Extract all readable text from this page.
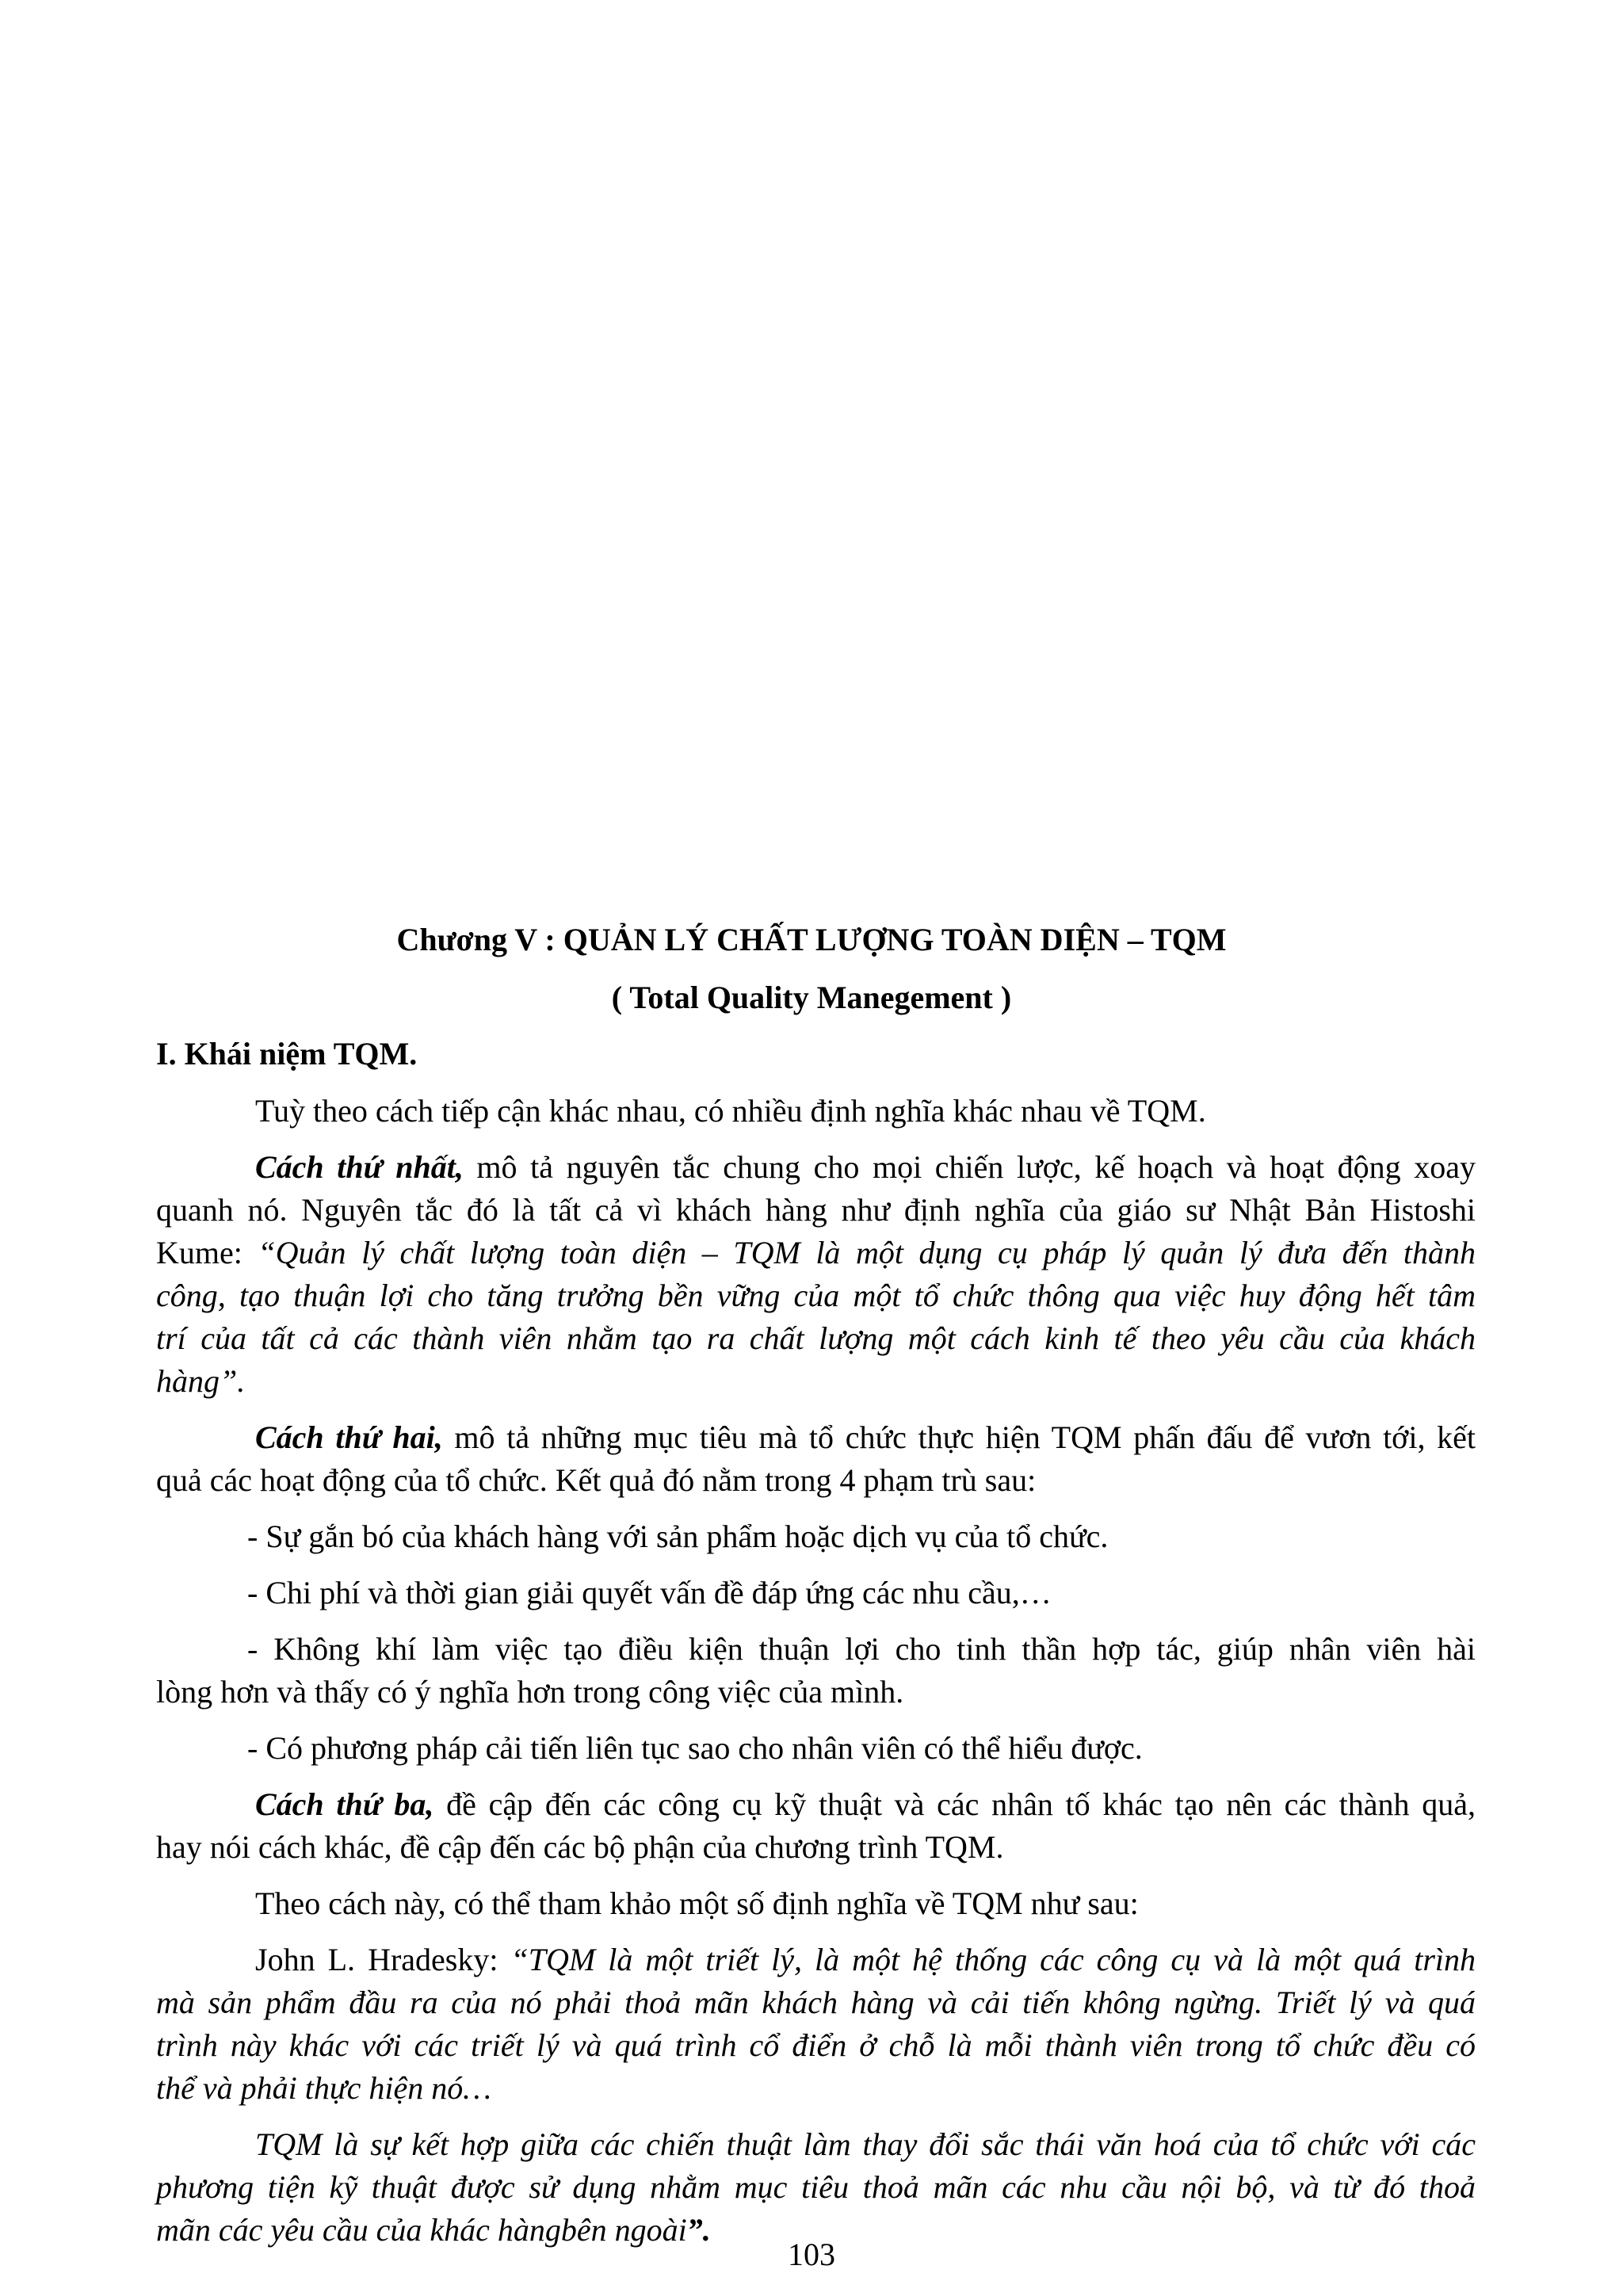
Chương V : QUẢN LÝ CHẤT LƯỢNG TOÀN DIỆN – TQM
( Total Quality Manegement )
I. Khái niệm TQM.
Tuỳ theo cách tiếp cận khác nhau, có nhiều định nghĩa khác nhau về TQM.
Cách thứ nhất, mô tả nguyên tắc chung cho mọi chiến lược, kế hoạch và hoạt động xoay
quanh nó. Nguyên tắc đó là tất cả vì khách hàng như định nghĩa của giáo sư Nhật Bản Histoshi
Kume: “Quản lý chất lượng toàn diện – TQM là một dụng cụ pháp lý quản lý đưa đến thành
công, tạo thuận lợi cho tăng trưởng bền vững của một tổ chức thông qua việc huy động hết tâm
trí của tất cả các thành viên nhằm tạo ra chất lượng một cách kinh tế theo yêu cầu của khách
hàng”.
Cách thứ hai, mô tả những mục tiêu mà tổ chức thực hiện TQM phấn đấu để vươn tới, kết
quả các hoạt động của tổ chức. Kết quả đó nằm trong 4 phạm trù sau:
- Sự gắn bó của khách hàng với sản phẩm hoặc dịch vụ của tổ chức.
- Chi phí và thời gian giải quyết vấn đề đáp ứng các nhu cầu,…
- Không khí làm việc tạo điều kiện thuận lợi cho tinh thần hợp tác, giúp nhân viên hài
lòng hơn và thấy có ý nghĩa hơn trong công việc của mình.
- Có phương pháp cải tiến liên tục sao cho nhân viên có thể hiểu được.
Cách thứ ba, đề cập đến các công cụ kỹ thuật và các nhân tố khác tạo nên các thành quả,
hay nói cách khác, đề cập đến các bộ phận của chương trình TQM.
Theo cách này, có thể tham khảo một số định nghĩa về TQM như sau:
John L. Hradesky: “TQM là một triết lý, là một hệ thống các công cụ và là một quá trình
mà sản phẩm đầu ra của nó phải thoả mãn khách hàng và cải tiến không ngừng. Triết lý và quá
trình này khác với các triết lý và quá trình cổ điển ở chỗ là mỗi thành viên trong tổ chức đều có
thể và phải thực hiện nó…
TQM là sự kết hợp giữa các chiến thuật làm thay đổi sắc thái văn hoá của tổ chức với các
phương tiện kỹ thuật được sử dụng nhằm mục tiêu thoả mãn các nhu cầu nội bộ, và từ đó thoả
mãn các yêu cầu của khác hàngbên ngoài”.
103
